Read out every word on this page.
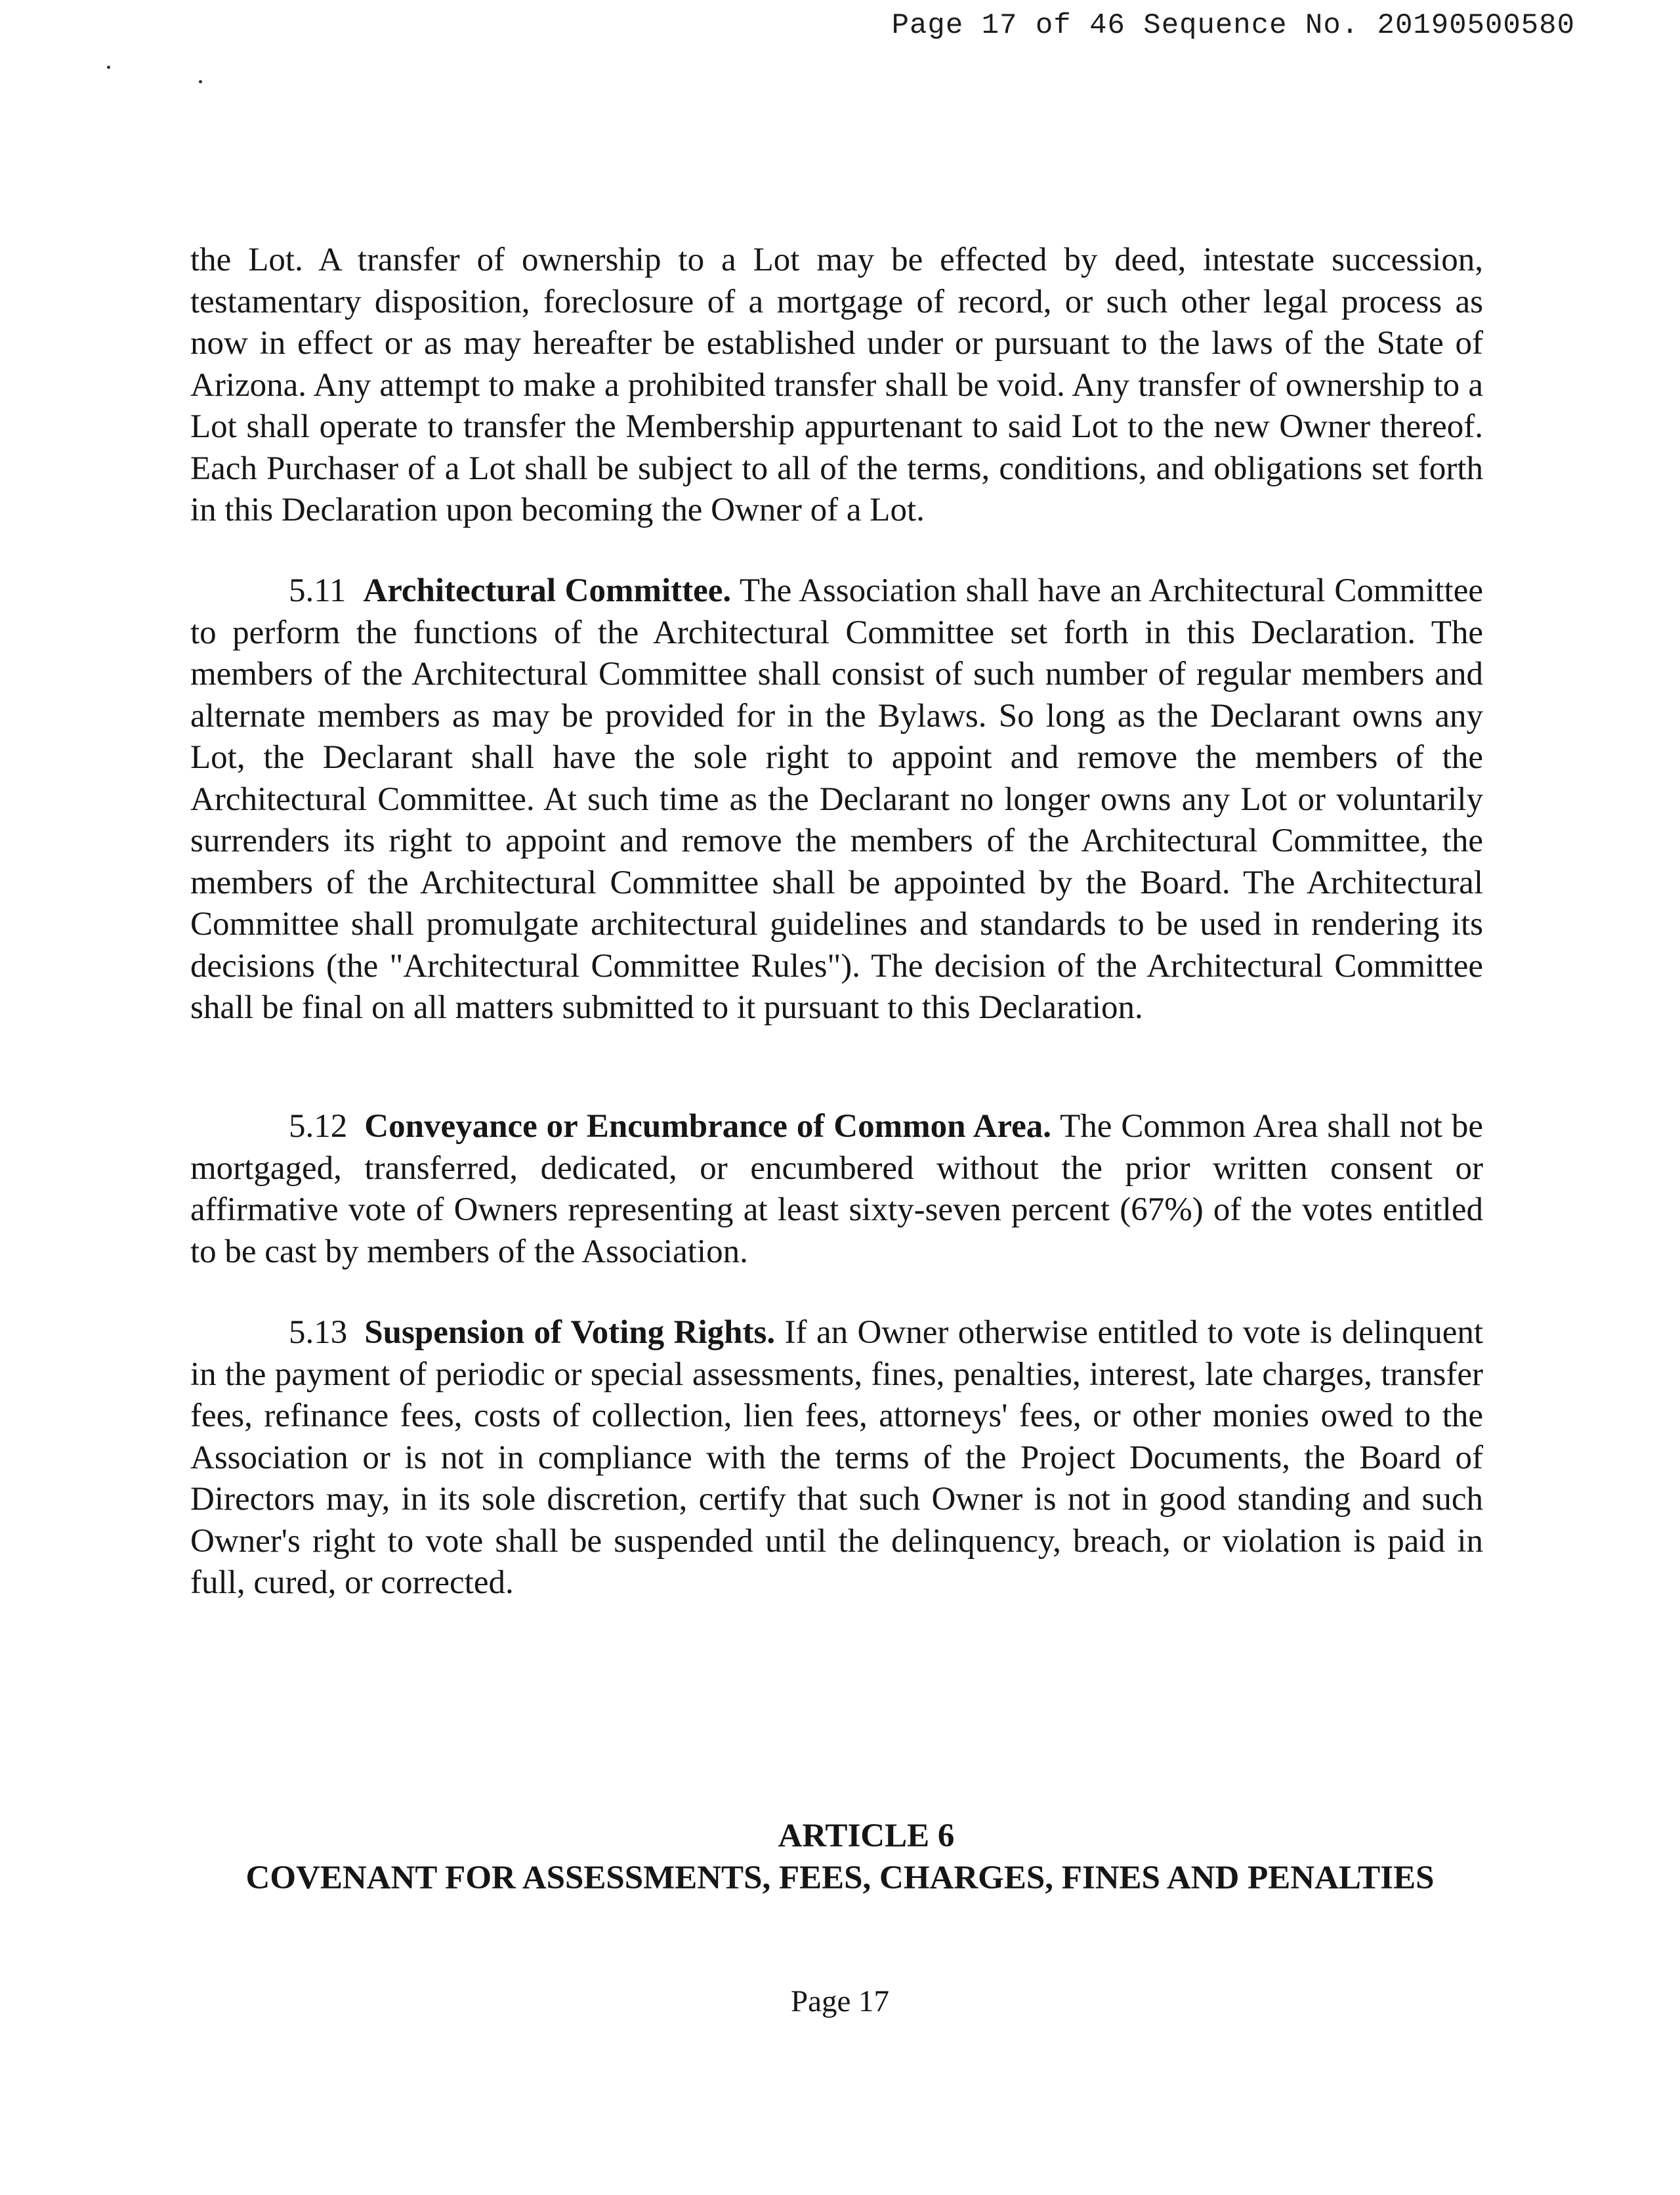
Page 17 of 46 Sequence No. 20190500580

the Lot. A transfer of ownership to a Lot may be effected by deed, intestate succession, testamentary disposition, foreclosure of a mortgage of record, or such other legal process as now in effect or as may hereafter be established under or pursuant to the laws of the State of Arizona. Any attempt to make a prohibited transfer shall be void. Any transfer of ownership to a Lot shall operate to transfer the Membership appurtenant to said Lot to the new Owner thereof. Each Purchaser of a Lot shall be subject to all of the terms, conditions, and obligations set forth in this Declaration upon becoming the Owner of a Lot.

5.11 Architectural Committee. The Association shall have an Architectural Committee to perform the functions of the Architectural Committee set forth in this Declaration. The members of the Architectural Committee shall consist of such number of regular members and alternate members as may be provided for in the Bylaws. So long as the Declarant owns any Lot, the Declarant shall have the sole right to appoint and remove the members of the Architectural Committee. At such time as the Declarant no longer owns any Lot or voluntarily surrenders its right to appoint and remove the members of the Architectural Committee, the members of the Architectural Committee shall be appointed by the Board. The Architectural Committee shall promulgate architectural guidelines and standards to be used in rendering its decisions (the "Architectural Committee Rules"). The decision of the Architectural Committee shall be final on all matters submitted to it pursuant to this Declaration.

5.12 Conveyance or Encumbrance of Common Area. The Common Area shall not be mortgaged, transferred, dedicated, or encumbered without the prior written consent or affirmative vote of Owners representing at least sixty-seven percent (67%) of the votes entitled to be cast by members of the Association.

5.13 Suspension of Voting Rights. If an Owner otherwise entitled to vote is delinquent in the payment of periodic or special assessments, fines, penalties, interest, late charges, transfer fees, refinance fees, costs of collection, lien fees, attorneys' fees, or other monies owed to the Association or is not in compliance with the terms of the Project Documents, the Board of Directors may, in its sole discretion, certify that such Owner is not in good standing and such Owner's right to vote shall be suspended until the delinquency, breach, or violation is paid in full, cured, or corrected.

ARTICLE 6
COVENANT FOR ASSESSMENTS, FEES, CHARGES, FINES AND PENALTIES
Page 17
